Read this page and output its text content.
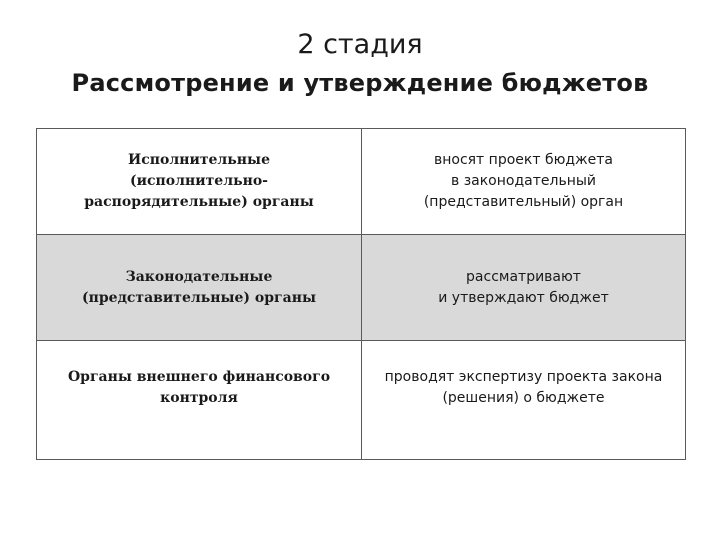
2 стадия
Рассмотрение и утверждение бюджетов
Исполнительные
(исполнительно-
распорядительные) органы
вносят проект бюджета
в законодательный
(представительный) орган
Законодательные
(представительные) органы
рассматривают
и утверждают бюджет
Органы внешнего финансового
контроля
проводят экспертизу проекта закона
(решения) о бюджете
